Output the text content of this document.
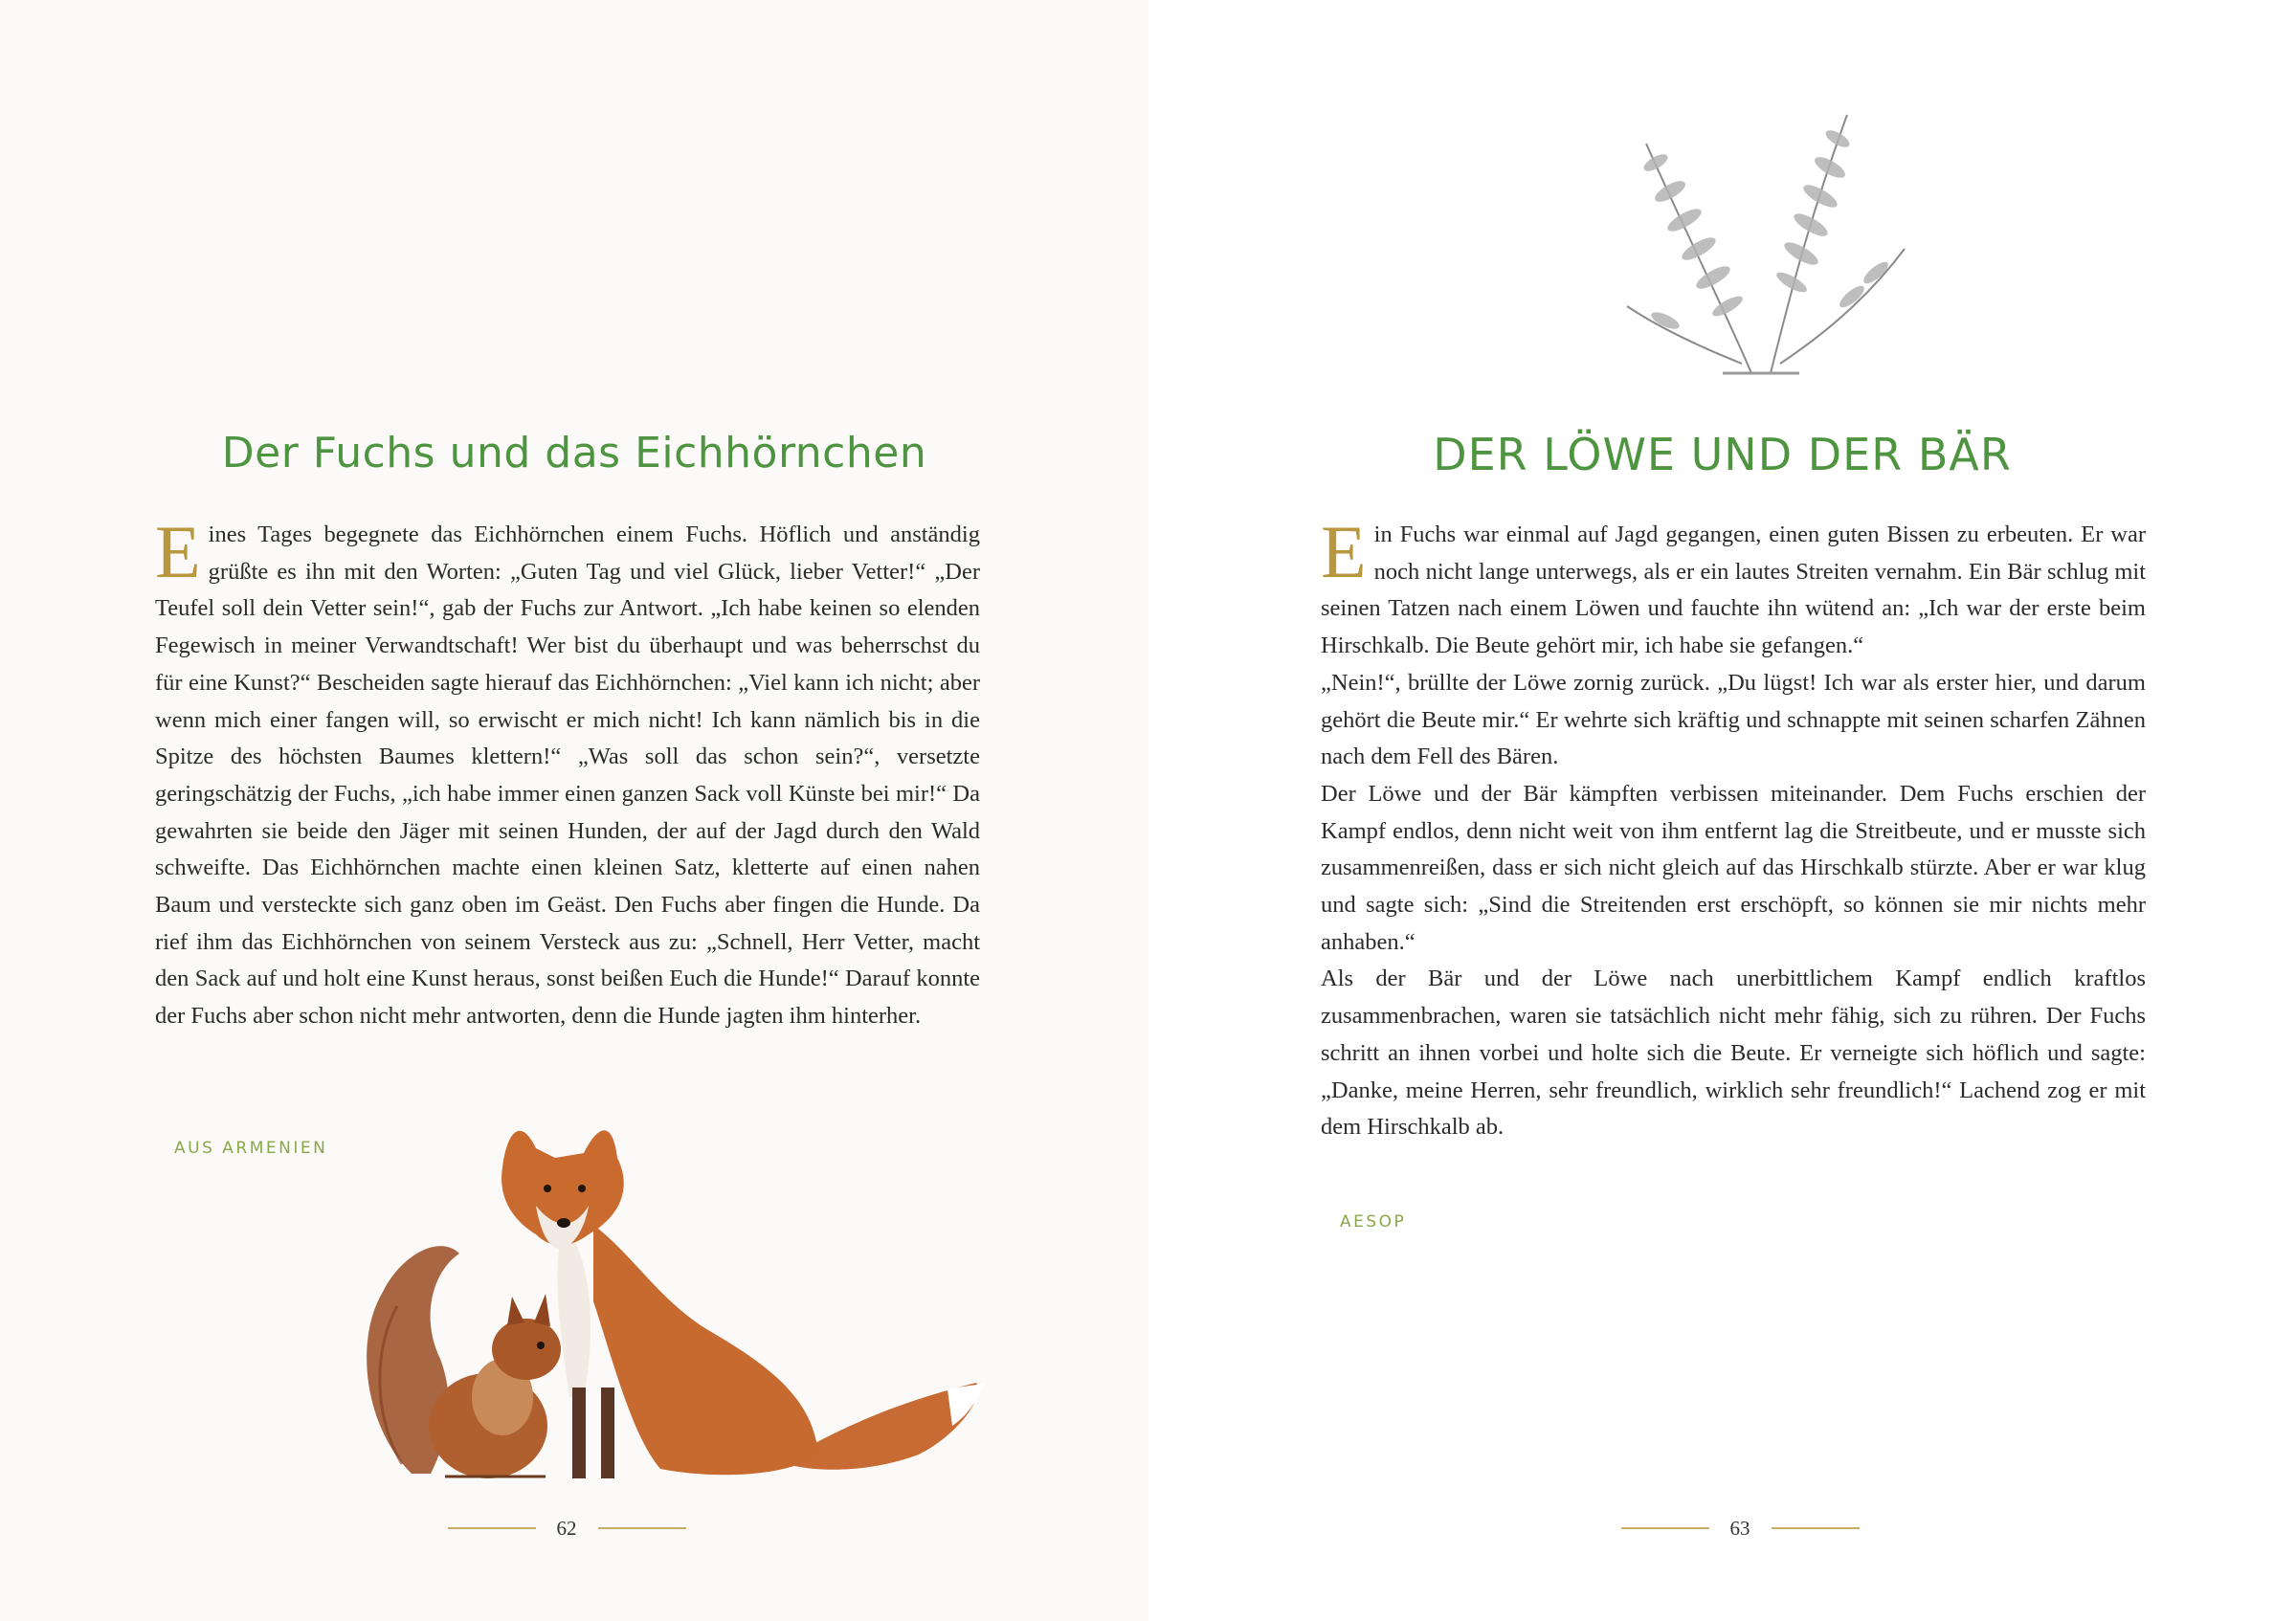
Der Fuchs und das Eichhörnchen
E ines Tages begegnete das Eichhörnchen einem Fuchs. Höflich und anständig grüßte es ihn mit den Worten: „Guten Tag und viel Glück, lieber Vetter!“ „Der Teufel soll dein Vetter sein!“, gab der Fuchs zur Antwort. „Ich habe keinen so elenden Fegewisch in meiner Verwandtschaft! Wer bist du überhaupt und was beherrschst du für eine Kunst?“ Bescheiden sagte hierauf das Eichhörnchen: „Viel kann ich nicht; aber wenn mich einer fangen will, so erwischt er mich nicht! Ich kann nämlich bis in die Spitze des höchsten Baumes klettern!“ „Was soll das schon sein?“, versetzte geringschätzig der Fuchs, „ich habe immer einen ganzen Sack voll Künste bei mir!“ Da gewahrten sie beide den Jäger mit seinen Hunden, der auf der Jagd durch den Wald schweifte. Das Eichhörnchen machte einen kleinen Satz, kletterte auf einen nahen Baum und versteckte sich ganz oben im Geäst. Den Fuchs aber fingen die Hunde. Da rief ihm das Eichhörnchen von seinem Versteck aus zu: „Schnell, Herr Vetter, macht den Sack auf und holt eine Kunst heraus, sonst beißen Euch die Hunde!“ Darauf konnte der Fuchs aber schon nicht mehr antworten, denn die Hunde jagten ihm hinterher.
AUS ARMENIEN
62
DER LÖWE UND DER BÄR
E in Fuchs war einmal auf Jagd gegangen, einen guten Bissen zu erbeuten. Er war noch nicht lange unterwegs, als er ein lautes Streiten vernahm. Ein Bär schlug mit seinen Tatzen nach einem Löwen und fauchte ihn wütend an: „Ich war der erste beim Hirschkalb. Die Beute gehört mir, ich habe sie gefangen.“
„Nein!“, brüllte der Löwe zornig zurück. „Du lügst! Ich war als erster hier, und darum gehört die Beute mir.“ Er wehrte sich kräftig und schnappte mit seinen scharfen Zähnen nach dem Fell des Bären.
Der Löwe und der Bär kämpften verbissen miteinander. Dem Fuchs erschien der Kampf endlos, denn nicht weit von ihm entfernt lag die Streitbeute, und er musste sich zusammenreißen, dass er sich nicht gleich auf das Hirschkalb stürzte. Aber er war klug und sagte sich: „Sind die Streitenden erst erschöpft, so können sie mir nichts mehr anhaben.“
Als der Bär und der Löwe nach unerbittlichem Kampf endlich kraftlos zusammenbrachen, waren sie tatsächlich nicht mehr fähig, sich zu rühren. Der Fuchs schritt an ihnen vorbei und holte sich die Beute. Er verneigte sich höflich und sagte: „Danke, meine Herren, sehr freundlich, wirklich sehr freundlich!“ Lachend zog er mit dem Hirschkalb ab.
AESOP
63
